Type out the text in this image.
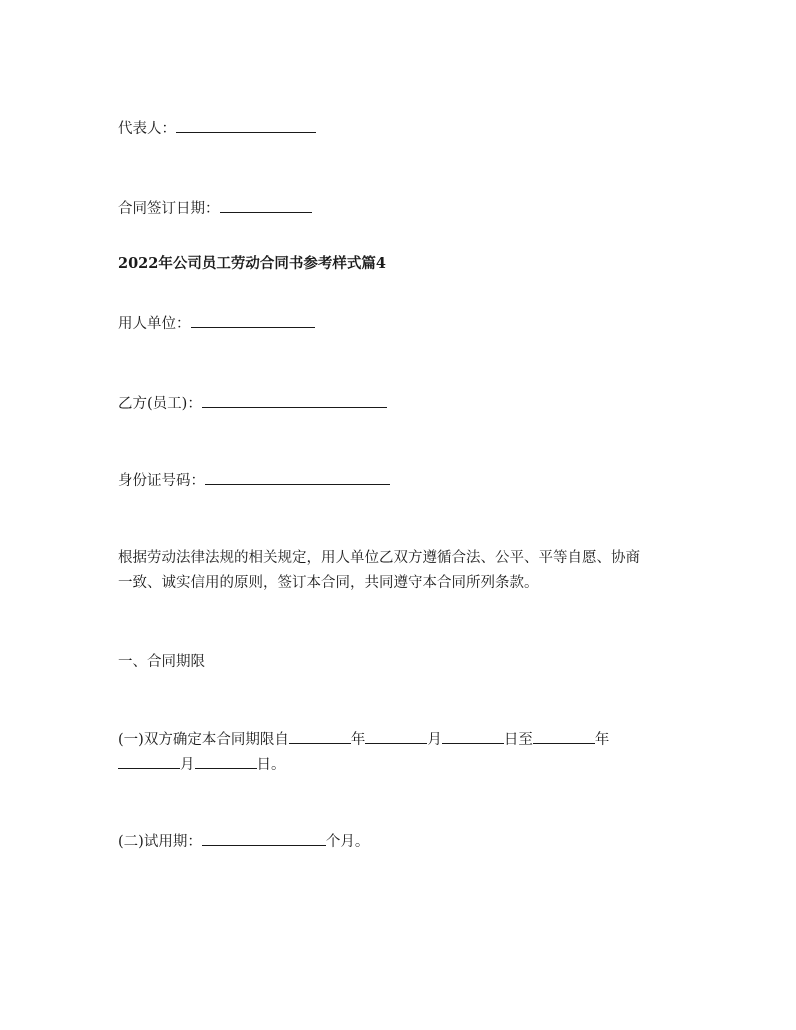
代表人：
合同签订日期：
2022年公司员工劳动合同书参考样式篇4
用人单位：
乙方(员工)：
身份证号码：
根据劳动法律法规的相关规定，用人单位乙双方遵循合法、公平、平等自愿、协商
一致、诚实信用的原则，签订本合同，共同遵守本合同所列条款。
一、合同期限
(一)双方确定本合同期限自	年	月	日至	年
月	日。
(二)试用期：	个月。
